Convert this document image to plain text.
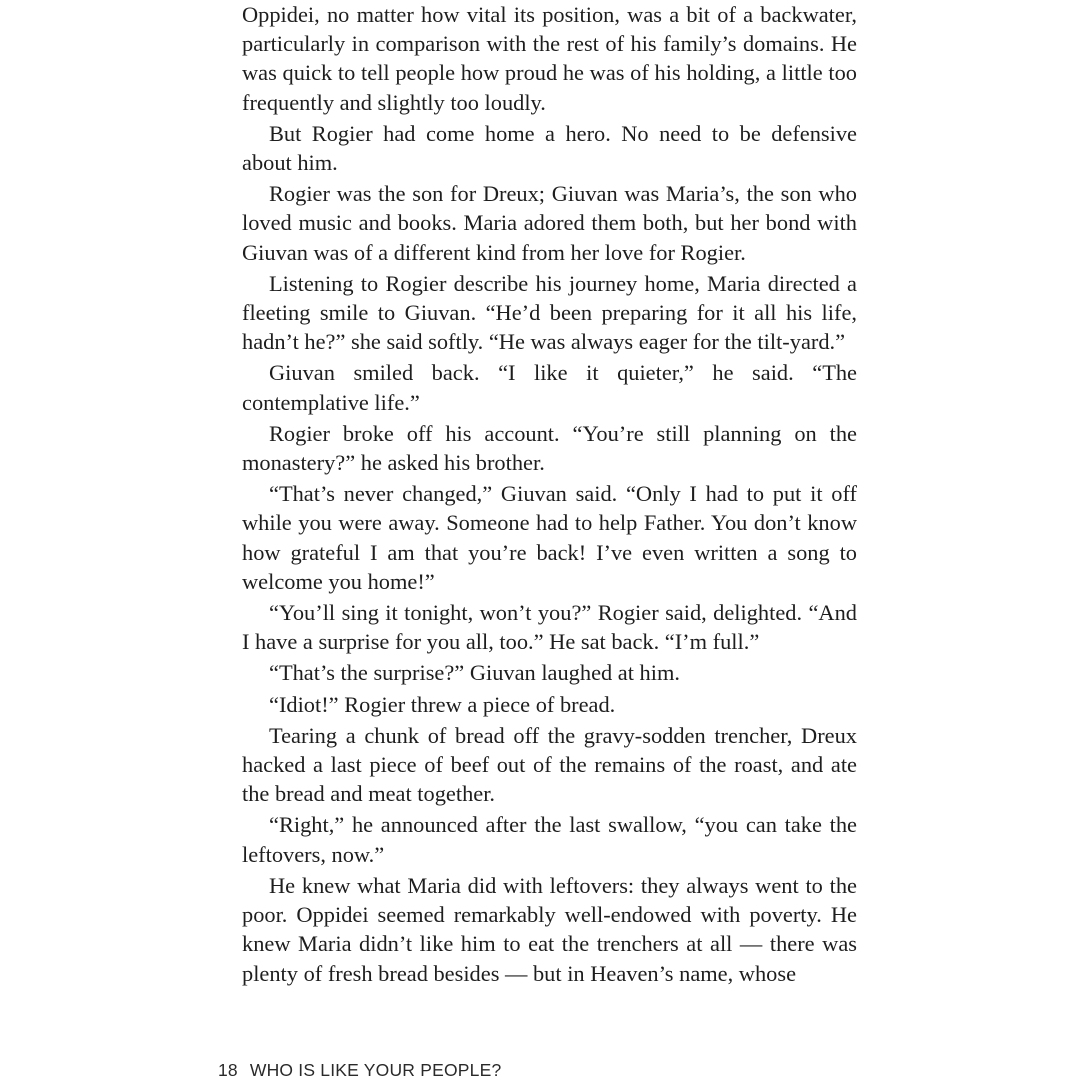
Oppidei, no matter how vital its position, was a bit of a backwater, particularly in comparison with the rest of his family’s domains. He was quick to tell people how proud he was of his holding, a little too frequently and slightly too loudly.

But Rogier had come home a hero. No need to be defensive about him.

Rogier was the son for Dreux; Giuvan was Maria’s, the son who loved music and books. Maria adored them both, but her bond with Giuvan was of a different kind from her love for Rogier.

Listening to Rogier describe his journey home, Maria directed a fleeting smile to Giuvan. “He’d been preparing for it all his life, hadn’t he?” she said softly. “He was always eager for the tilt-yard.”

Giuvan smiled back. “I like it quieter,” he said. “The contemplative life.”

Rogier broke off his account. “You’re still planning on the monastery?” he asked his brother.

“That’s never changed,” Giuvan said. “Only I had to put it off while you were away. Someone had to help Father. You don’t know how grateful I am that you’re back! I’ve even written a song to welcome you home!”

“You’ll sing it tonight, won’t you?” Rogier said, delighted. “And I have a surprise for you all, too.” He sat back. “I’m full.”

“That’s the surprise?” Giuvan laughed at him.

“Idiot!” Rogier threw a piece of bread.

Tearing a chunk of bread off the gravy-sodden trencher, Dreux hacked a last piece of beef out of the remains of the roast, and ate the bread and meat together.

“Right,” he announced after the last swallow, “you can take the leftovers, now.”

He knew what Maria did with leftovers: they always went to the poor. Oppidei seemed remarkably well-endowed with poverty. He knew Maria didn’t like him to eat the trenchers at all — there was plenty of fresh bread besides — but in Heaven’s name, whose

18 WHO IS LIKE YOUR PEOPLE?
